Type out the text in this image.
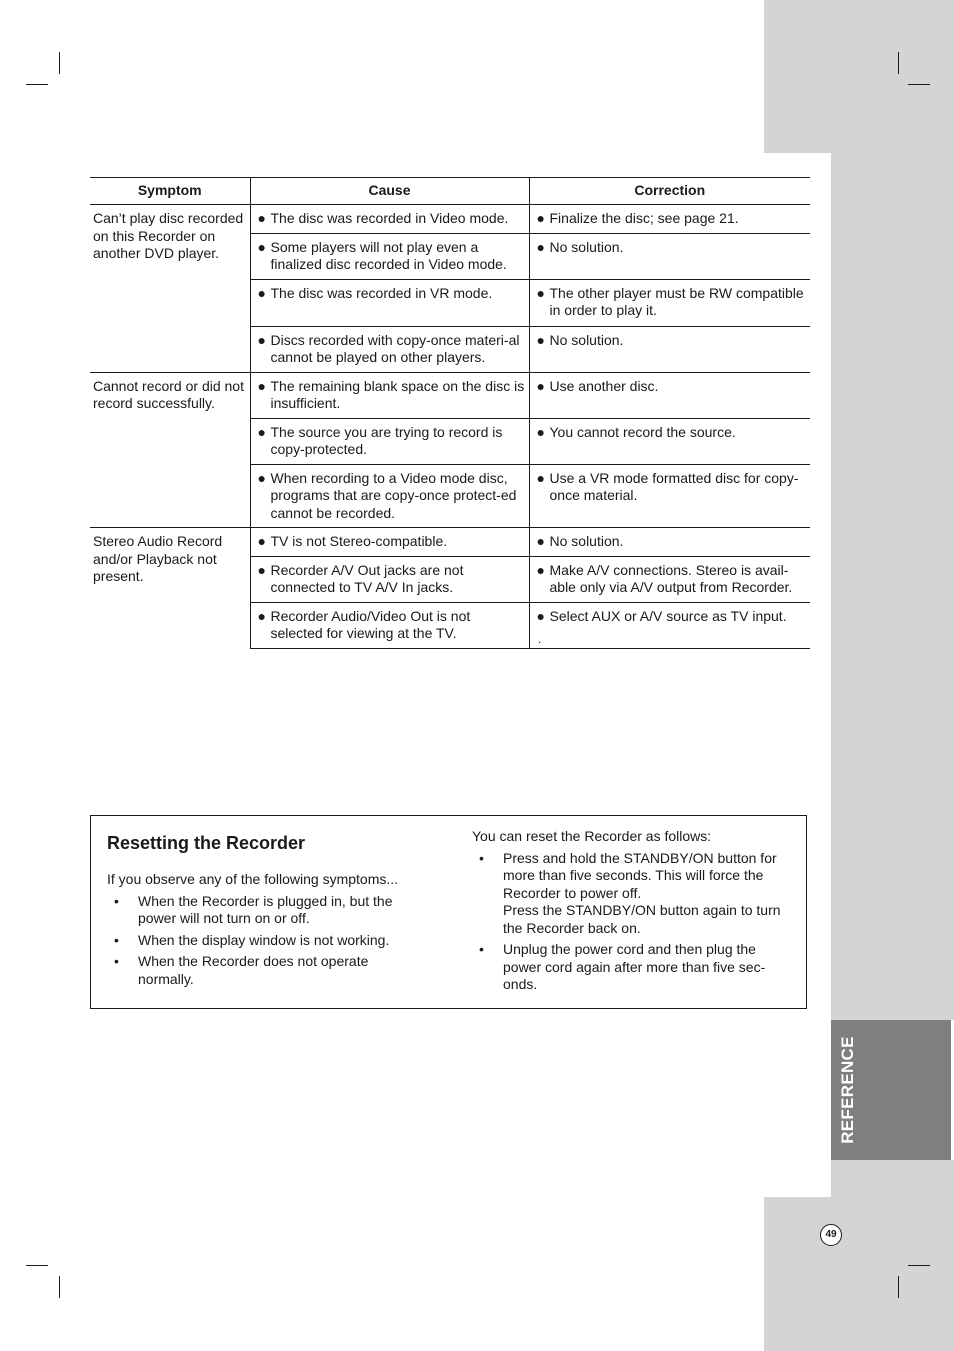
REFERENCE
49
Symptom	Cause	Correction
Can’t play disc recorded on this Recorder on another DVD player.	● The disc was recorded in Video mode.	● Finalize the disc; see page 21.

	● Some players will not play even a finalized disc recorded in Video mode.	● No solution.

	● The disc was recorded in VR mode.	● The other player must be RW compatible in order to play it.

	● Discs recorded with copy-once materi-al cannot be played on other players.	● No solution.
Cannot record or did not record successfully.	● The remaining blank space on the disc is insufficient.	● Use another disc.

	● The source you are trying to record is copy-protected.	● You cannot record the source.

	● When recording to a Video mode disc, programs that are copy-once protect-ed cannot be recorded.	● Use a VR mode formatted disc for copy-once material.
Stereo Audio Record and/or Playback not present.	● TV is not Stereo-compatible.	● No solution.

	● Recorder A/V Out jacks are not connected to TV A/V In jacks.	● Make A/V connections. Stereo is avail-able only via A/V output from Recorder.

	● Recorder Audio/Video Out is not selected for viewing at the TV.	● Select AUX or A/V source as TV input.
.
Resetting the Recorder

If you observe any of the following symptoms...

• When the Recorder is plugged in, but the power will not turn on or off.
• When the display window is not working.
• When the Recorder does not operate normally.

You can reset the Recorder as follows:

• Press and hold the STANDBY/ON button for more than five seconds. This will force the Recorder to power off.
Press the STANDBY/ON button again to turn the Recorder back on.
• Unplug the power cord and then plug the power cord again after more than five sec-onds.
